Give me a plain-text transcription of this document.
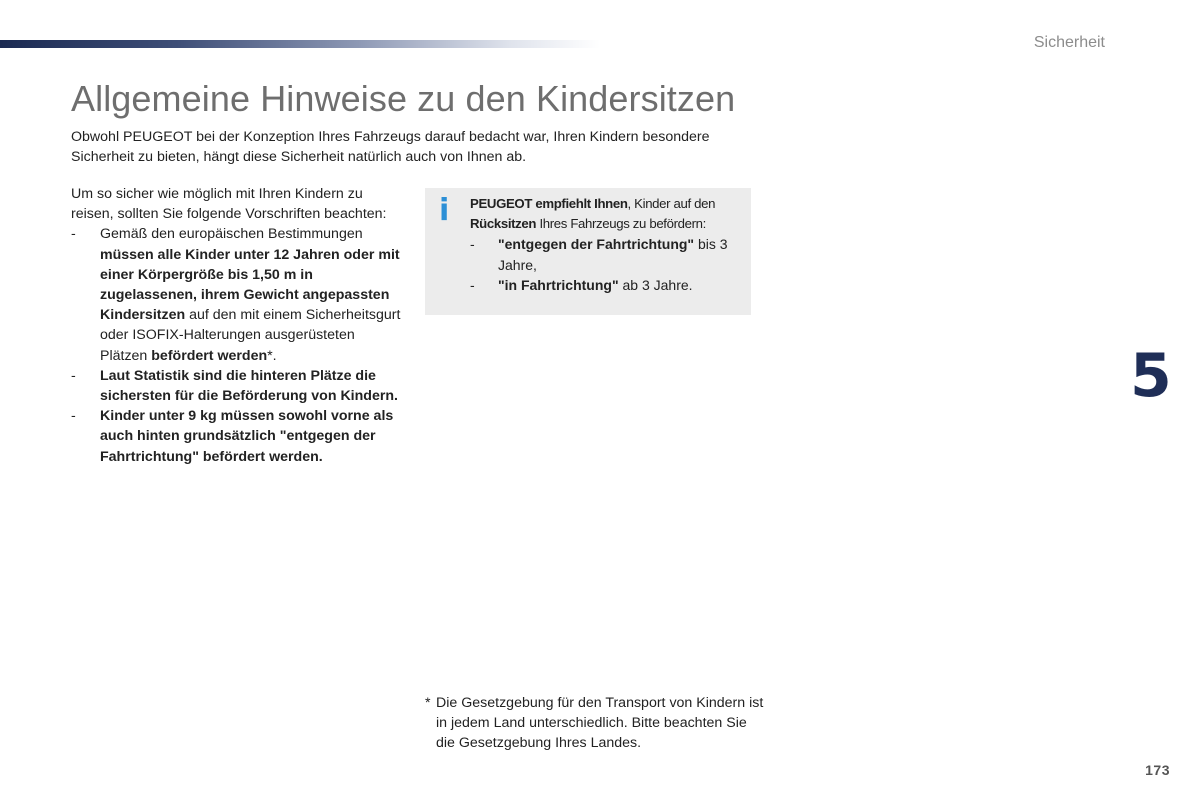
Sicherheit
Allgemeine Hinweise zu den Kindersitzen

Obwohl PEUGEOT bei der Konzeption Ihres Fahrzeugs darauf bedacht war, Ihren Kindern besondere Sicherheit zu bieten, hängt diese Sicherheit natürlich auch von Ihnen ab.

Um so sicher wie möglich mit Ihren Kindern zu reisen, sollten Sie folgende Vorschriften beachten:

- Gemäß den europäischen Bestimmungen müssen alle Kinder unter 12 Jahren oder mit einer Körpergröße bis 1,50 m in zugelassenen, ihrem Gewicht angepassten Kindersitzen auf den mit einem Sicherheitsgurt oder ISOFIX-Halterungen ausgerüsteten Plätzen befördert werden*.
- Laut Statistik sind die hinteren Plätze die sichersten für die Beförderung von Kindern.
- Kinder unter 9 kg müssen sowohl vorne als auch hinten grundsätzlich "entgegen der Fahrtrichtung" befördert werden.
i PEUGEOT empfiehlt Ihnen, Kinder auf den Rücksitzen Ihres Fahrzeugs zu befördern:

- "entgegen der Fahrtrichtung" bis 3 Jahre,
- "in Fahrtrichtung" ab 3 Jahre.
5
* Die Gesetzgebung für den Transport von Kindern ist in jedem Land unterschiedlich. Bitte beachten Sie die Gesetzgebung Ihres Landes.
173
